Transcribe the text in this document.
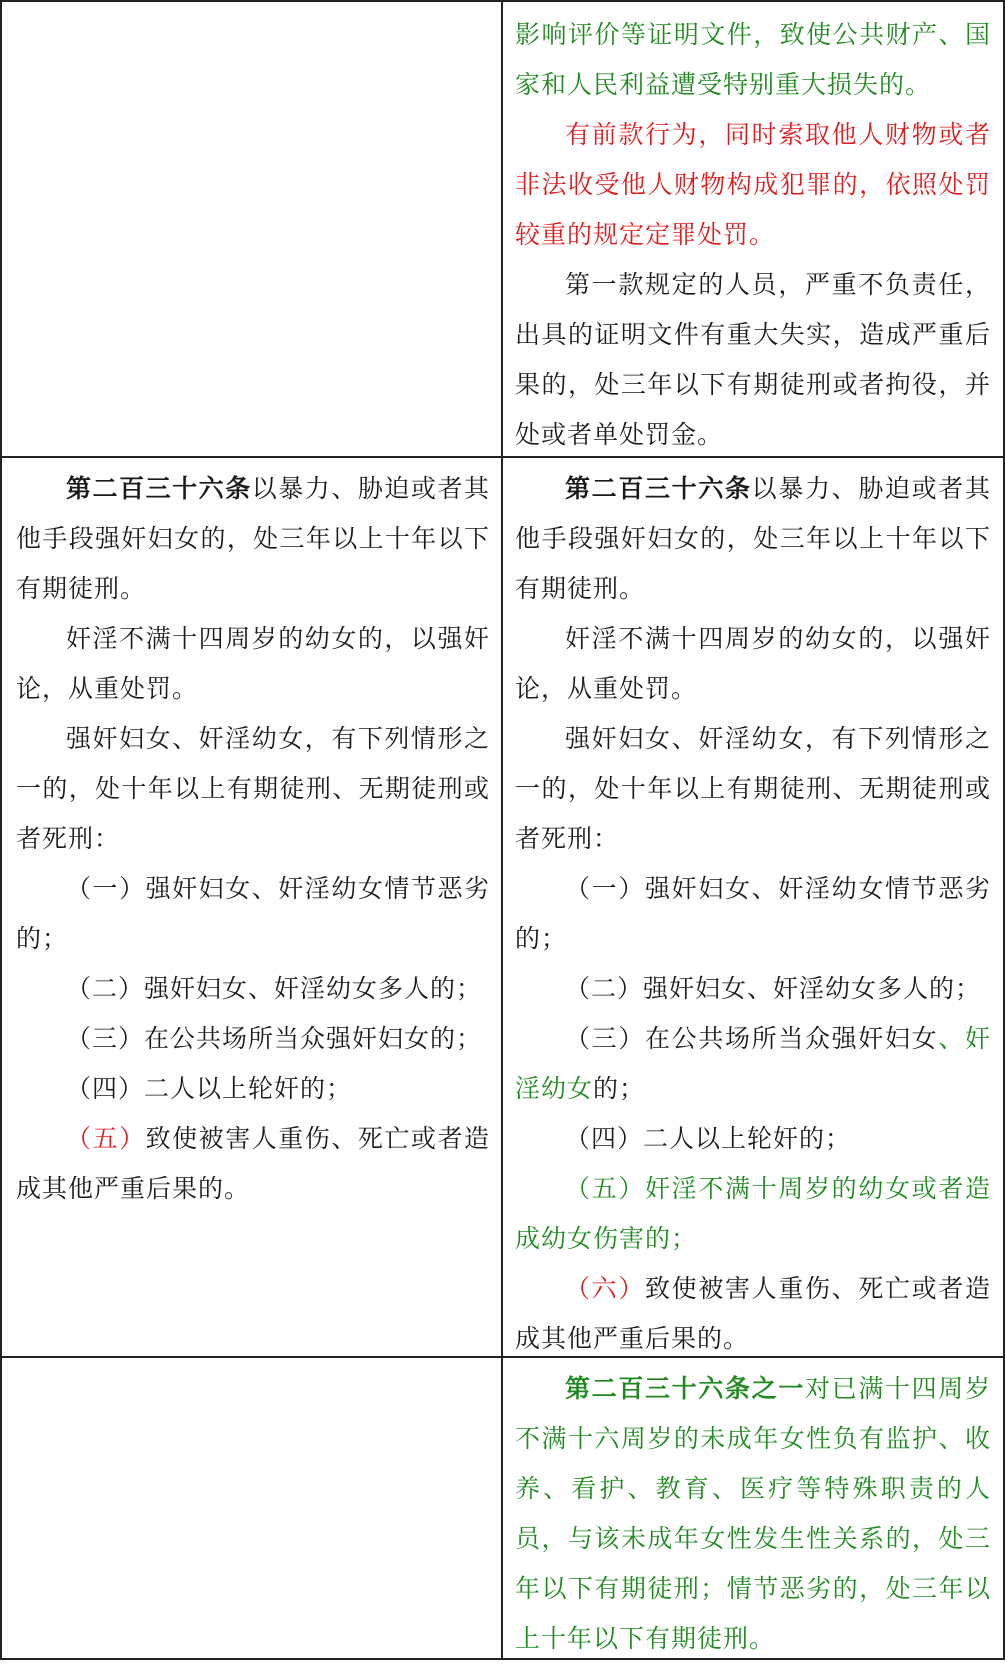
影响评价等证明文件，致使公共财产、国家和人民利益遭受特别重大损失的。

有前款行为，同时索取他人财物或者非法收受他人财物构成犯罪的，依照处罚较重的规定定罪处罚。

第一款规定的人员，严重不负责任，出具的证明文件有重大失实，造成严重后果的，处三年以下有期徒刑或者拘役，并处或者单处罚金。

第二百三十六条以暴力、胁迫或者其他手段强奸妇女的，处三年以上十年以下有期徒刑。

奸淫不满十四周岁的幼女的，以强奸论，从重处罚。

强奸妇女、奸淫幼女，有下列情形之一的，处十年以上有期徒刑、无期徒刑或者死刑：

（一）强奸妇女、奸淫幼女情节恶劣的；

（二）强奸妇女、奸淫幼女多人的；

（三）在公共场所当众强奸妇女的；

（四）二人以上轮奸的；

（五）致使被害人重伤、死亡或者造成其他严重后果的。

第二百三十六条以暴力、胁迫或者其他手段强奸妇女的，处三年以上十年以下有期徒刑。

奸淫不满十四周岁的幼女的，以强奸论，从重处罚。

强奸妇女、奸淫幼女，有下列情形之一的，处十年以上有期徒刑、无期徒刑或者死刑：

（一）强奸妇女、奸淫幼女情节恶劣的；

（二）强奸妇女、奸淫幼女多人的；

（三）在公共场所当众强奸妇女、奸淫幼女的；

（四）二人以上轮奸的；

（五）奸淫不满十周岁的幼女或者造成幼女伤害的；

（六）致使被害人重伤、死亡或者造成其他严重后果的。

第二百三十六条之一对已满十四周岁不满十六周岁的未成年女性负有监护、收养、看护、教育、医疗等特殊职责的人员，与该未成年女性发生性关系的，处三年以下有期徒刑；情节恶劣的，处三年以上十年以下有期徒刑。
